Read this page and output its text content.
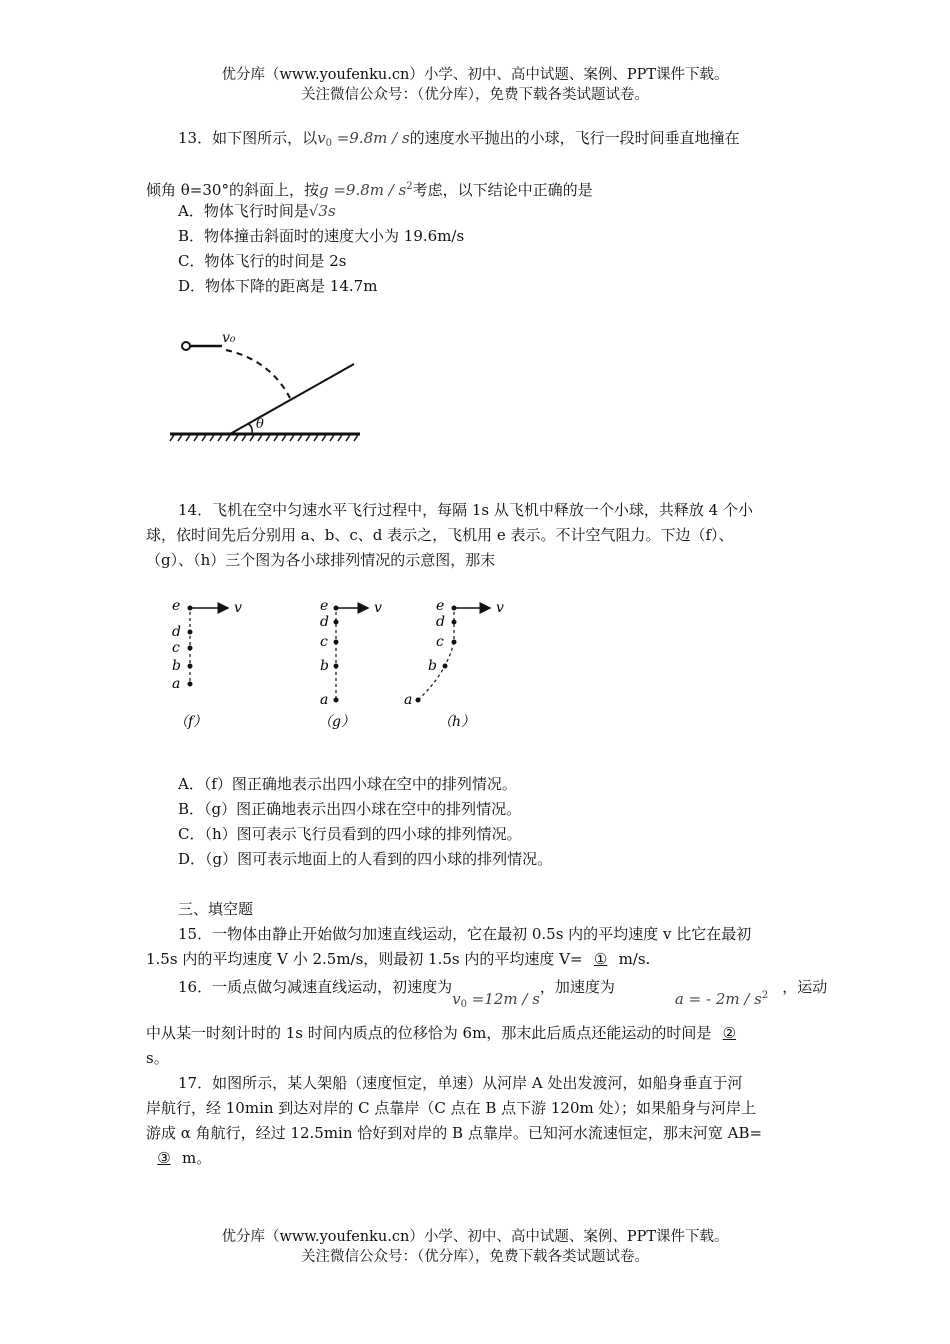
优分库（www.youfenku.cn）小学、初中、高中试题、案例、PPT课件下载。
关注微信公众号：（优分库），免费下载各类试题试卷。
13．如下图所示，以$v_0 =9.8m / s$的速度水平抛出的小球，飞行一段时间垂直地撞在
倾角 θ=30°的斜面上，按$g =9.8m / s^2$考虑，以下结论中正确的是
A．物体飞行时间是√3s
B．物体撞击斜面时的速度大小为 19.6m/s
C．物体飞行的时间是 2s
D．物体下降的距离是 14.7m
v₀
θ
14．飞机在空中匀速水平飞行过程中，每隔 1s 从飞机中释放一个小球，共释放 4 个小
球，依时间先后分别用 a、b、c、d 表示之，飞机用 e 表示。不计空气阻力。下边（f）、
（g）、（h）三个图为各小球排列情况的示意图，那末
e	v
d
c
b
a
（f）
e	v
d
c
b
a
（g）
e	v
d
c
b
a
（h）
A．（f）图正确地表示出四小球在空中的排列情况。
B．（g）图正确地表示出四小球在空中的排列情况。
C．（h）图可表示飞行员看到的四小球的排列情况。
D．（g）图可表示地面上的人看到的四小球的排列情况。
三、填空题
15．一物体由静止开始做匀加速直线运动，它在最初 0.5s 内的平均速度 v 比它在最初
1.5s 内的平均速度 V 小 2.5m/s，则最初 1.5s 内的平均速度 V= ① m/s.
16．一质点做匀减速直线运动，初速度为$v_0 =12m / s$，加速度为a = - $2m / s^2$ ，运动
中从某一时刻计时的 1s 时间内质点的位移恰为 6m，那末此后质点还能运动的时间是 ②
s。
17．如图所示，某人架船（速度恒定，单速）从河岸 A 处出发渡河，如船身垂直于河
岸航行，经 10min 到达对岸的 C 点靠岸（C 点在 B 点下游 120m 处）；如果船身与河岸上
游成 α 角航行，经过 12.5min 恰好到对岸的 B 点靠岸。已知河水流速恒定，那末河宽 AB=
③ m。
优分库（www.youfenku.cn）小学、初中、高中试题、案例、PPT课件下载。
关注微信公众号：（优分库），免费下载各类试题试卷。
